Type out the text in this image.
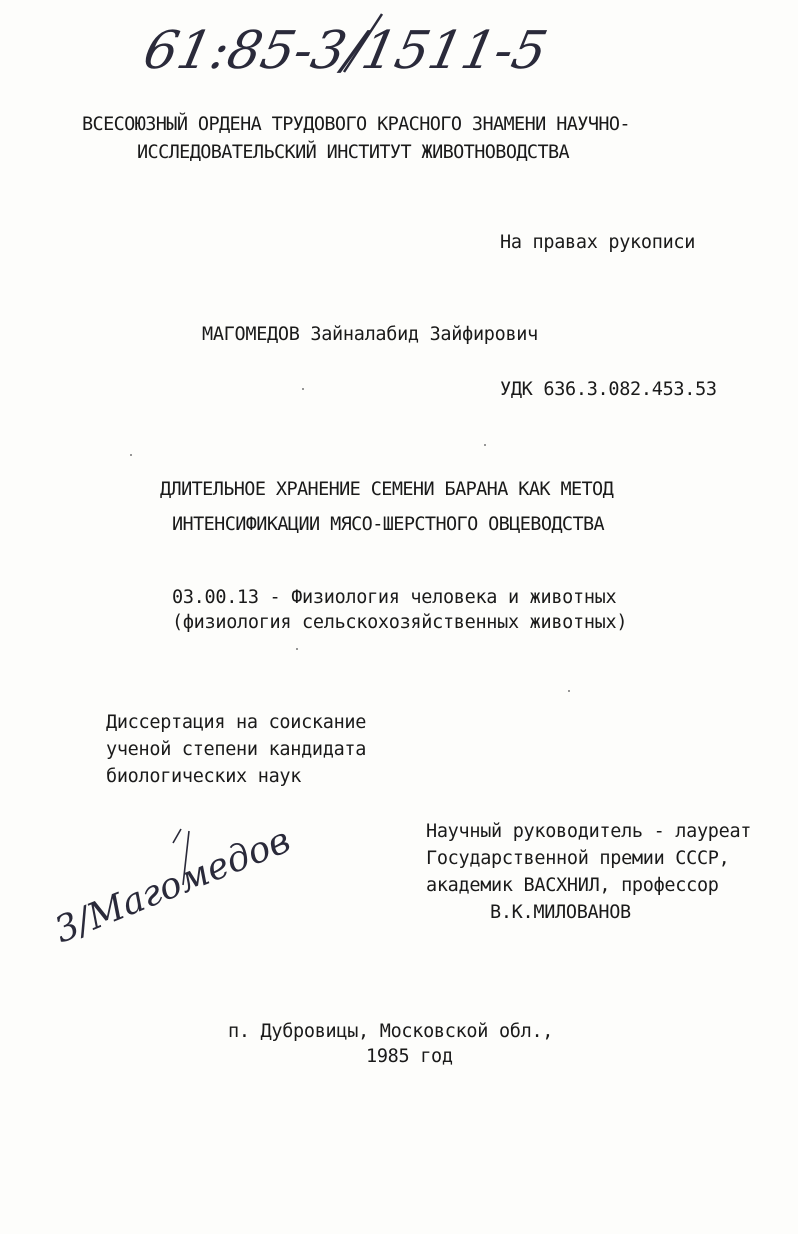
61:85-3/1511-5
ВСЕСОЮЗНЫЙ ОРДЕНА ТРУДОВОГО КРАСНОГО ЗНАМЕНИ НАУЧНО-
ИССЛЕДОВАТЕЛЬСКИЙ ИНСТИТУТ ЖИВОТНОВОДСТВА
На правах рукописи
МАГОМЕДОВ Зайналабид Зайфирович
УДК 636.3.082.453.53
ДЛИТЕЛЬНОЕ ХРАНЕНИЕ СЕМЕНИ БАРАНА КАК МЕТОД
ИНТЕНСИФИКАЦИИ МЯСО-ШЕРСТНОГО ОВЦЕВОДСТВА
03.00.13 - Физиология человека и животных
(физиология сельскохозяйственных животных)
Диссертация на соискание
ученой степени кандидата
биологических наук
Научный руководитель - лауреат
Государственной премии СССР,
академик ВАСХНИЛ, профессор
В.К.МИЛОВАНОВ
3/Магомедов
п. Дубровицы, Московской обл.,
1985 год
